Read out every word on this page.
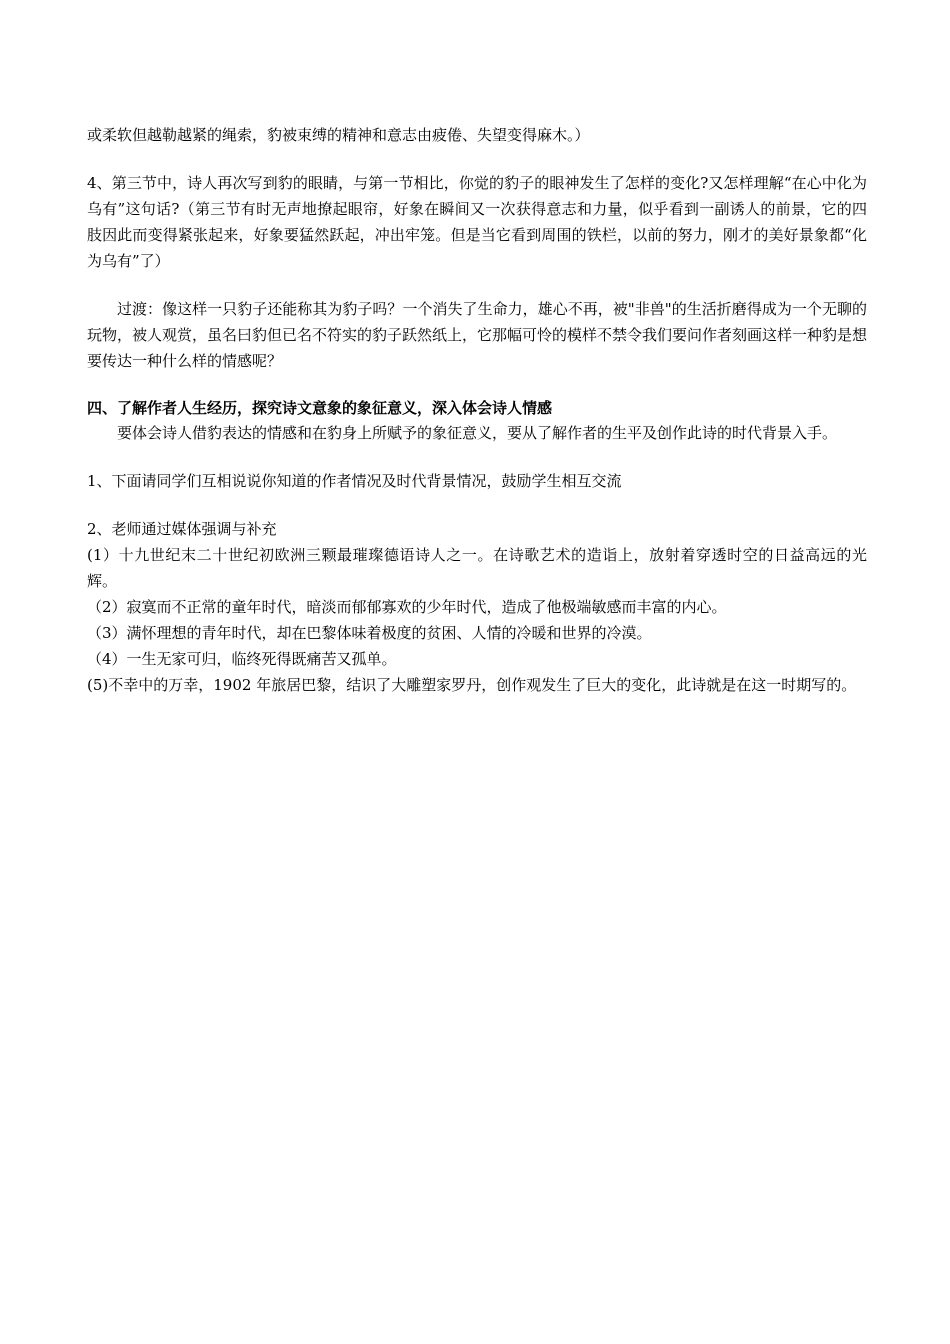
或柔软但越勒越紧的绳索，豹被束缚的精神和意志由疲倦、失望变得麻木。）

4、第三节中，诗人再次写到豹的眼睛，与第一节相比，你觉的豹子的眼神发生了怎样的变化?又怎样理解“在心中化为乌有”这句话?（第三节有时无声地撩起眼帘，好象在瞬间又一次获得意志和力量，似乎看到一副诱人的前景，它的四肢因此而变得紧张起来，好象要猛然跃起，冲出牢笼。但是当它看到周围的铁栏，以前的努力，刚才的美好景象都“化为乌有”了）

过渡：像这样一只豹子还能称其为豹子吗？一个消失了生命力，雄心不再，被"非兽"的生活折磨得成为一个无聊的玩物，被人观赏，虽名曰豹但已名不符实的豹子跃然纸上，它那幅可怜的模样不禁令我们要问作者刻画这样一种豹是想要传达一种什么样的情感呢？

四、了解作者人生经历，探究诗文意象的象征意义，深入体会诗人情感

要体会诗人借豹表达的情感和在豹身上所赋予的象征意义，要从了解作者的生平及创作此诗的时代背景入手。

1、下面请同学们互相说说你知道的作者情况及时代背景情况，鼓励学生相互交流

2、老师通过媒体强调与补充

(1）十九世纪末二十世纪初欧洲三颗最璀璨德语诗人之一。在诗歌艺术的造诣上，放射着穿透时空的日益高远的光辉。

（2）寂寞而不正常的童年时代，暗淡而郁郁寡欢的少年时代，造成了他极端敏感而丰富的内心。

（3）满怀理想的青年时代，却在巴黎体味着极度的贫困、人情的冷暖和世界的冷漠。

（4）一生无家可归，临终死得既痛苦又孤单。

(5)不幸中的万幸，1902 年旅居巴黎，结识了大雕塑家罗丹，创作观发生了巨大的变化，此诗就是在这一时期写的。
